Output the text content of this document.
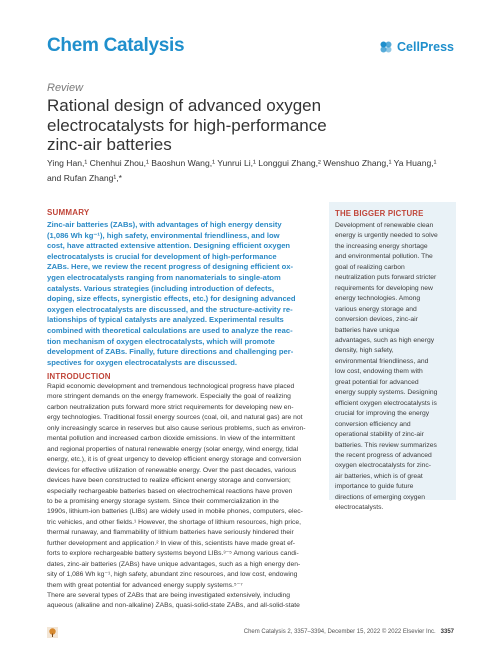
Chem Catalysis	CellPress
Review
Rational design of advanced oxygen
electrocatalysts for high-performance
zinc-air batteries
Ying Han,¹ Chenhui Zhou,¹ Baoshun Wang,¹ Yunrui Li,¹ Longgui Zhang,² Wenshuo Zhang,¹ Ya Huang,¹
and Rufan Zhang¹,*
SUMMARY
Zinc-air batteries (ZABs), with advantages of high energy density
(1,086 Wh kg⁻¹), high safety, environmental friendliness, and low
cost, have attracted extensive attention. Designing efficient oxygen
electrocatalysts is crucial for development of high-performance
ZABs. Here, we review the recent progress of designing efficient ox-
ygen electrocatalysts ranging from nanomaterials to single-atom
catalysts. Various strategies (including introduction of defects,
doping, size effects, synergistic effects, etc.) for designing advanced
oxygen electrocatalysts are discussed, and the structure-activity re-
lationships of typical catalysts are analyzed. Experimental results
combined with theoretical calculations are used to analyze the reac-
tion mechanism of oxygen electrocatalysts, which will promote
development of ZABs. Finally, future directions and challenging per-
spectives for oxygen electrocatalysts are discussed.
INTRODUCTION
Rapid economic development and tremendous technological progress have placed
more stringent demands on the energy framework. Especially the goal of realizing
carbon neutralization puts forward more strict requirements for developing new en-
ergy technologies. Traditional fossil energy sources (coal, oil, and natural gas) are not
only increasingly scarce in reserves but also cause serious problems, such as environ-
mental pollution and increased carbon dioxide emissions. In view of the intermittent
and regional properties of natural renewable energy (solar energy, wind energy, tidal
energy, etc.), it is of great urgency to develop efficient energy storage and conversion
devices for effective utilization of renewable energy. Over the past decades, various
devices have been constructed to realize efficient energy storage and conversion;
especially rechargeable batteries based on electrochemical reactions have proven
to be a promising energy storage system. Since their commercialization in the
1990s, lithium-ion batteries (LIBs) are widely used in mobile phones, computers, elec-
tric vehicles, and other fields.¹ However, the shortage of lithium resources, high price,
thermal runaway, and flammability of lithium batteries have seriously hindered their
further development and application.² In view of this, scientists have made great ef-
forts to explore rechargeable battery systems beyond LIBs.³⁻⁵ Among various candi-
dates, zinc-air batteries (ZABs) have unique advantages, such as a high energy den-
sity of 1,086 Wh kg⁻¹, high safety, abundant zinc resources, and low cost, endowing
them with great potential for advanced energy supply systems.⁵⁻⁷
There are several types of ZABs that are being investigated extensively, including
aqueous (alkaline and non-alkaline) ZABs, quasi-solid-state ZABs, and all-solid-state
THE BIGGER PICTURE
Development of renewable clean
energy is urgently needed to solve
the increasing energy shortage
and environmental pollution. The
goal of realizing carbon
neutralization puts forward stricter
requirements for developing new
energy technologies. Among
various energy storage and
conversion devices, zinc-air
batteries have unique
advantages, such as high energy
density, high safety,
environmental friendliness, and
low cost, endowing them with
great potential for advanced
energy supply systems. Designing
efficient oxygen electrocatalysts is
crucial for improving the energy
conversion efficiency and
operational stability of zinc-air
batteries. This review summarizes
the recent progress of advanced
oxygen electrocatalysts for zinc-
air batteries, which is of great
importance to guide future
directions of emerging oxygen
electrocatalysts.
Chem Catalysis 2, 3357–3394, December 15, 2022 © 2022 Elsevier Inc. 3357
